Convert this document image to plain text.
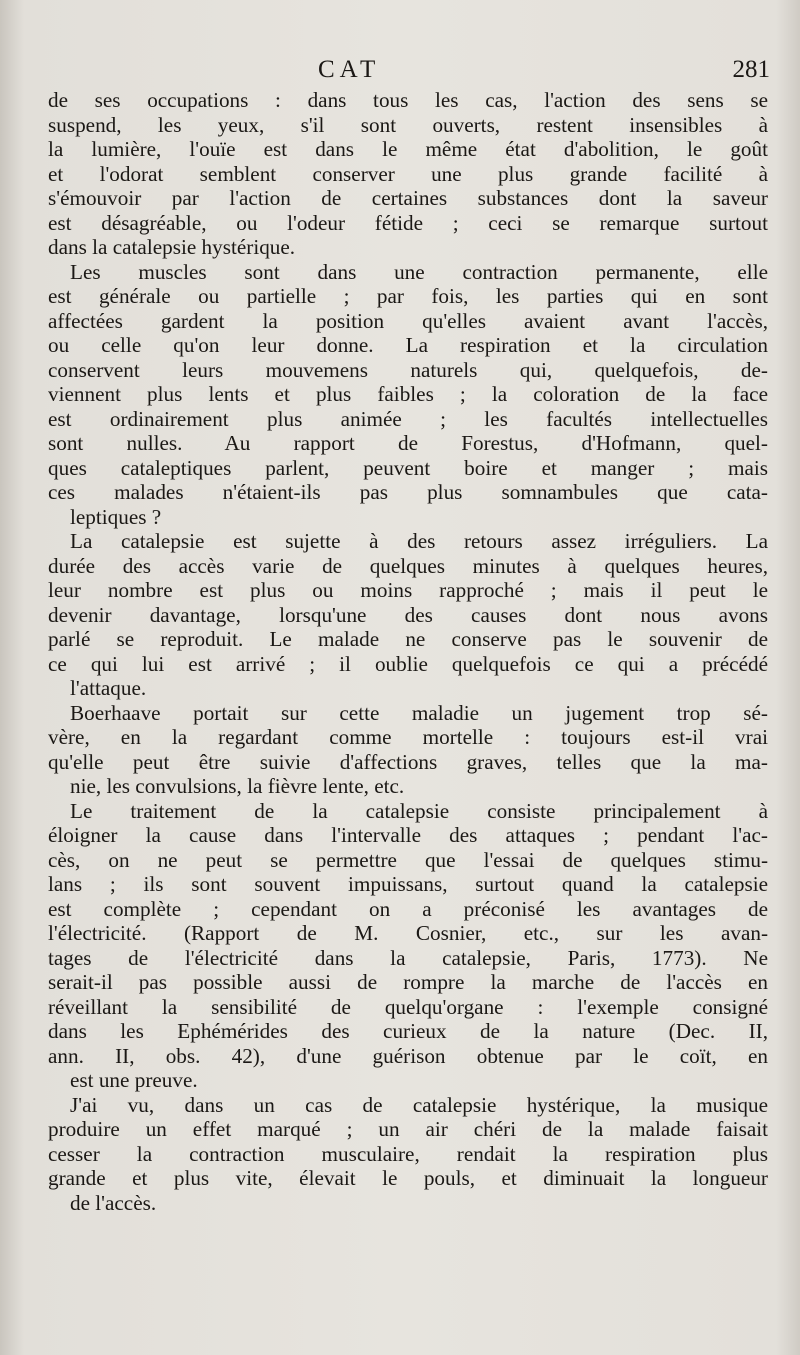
CAT	281

de ses occupations : dans tous les cas, l'action des sens se
suspend, les yeux, s'il sont ouverts, restent insensibles à
la lumière, l'ouïe est dans le même état d'abolition, le goût
et l'odorat semblent conserver une plus grande facilité à
s'émouvoir par l'action de certaines substances dont la saveur
est désagréable, ou l'odeur fétide ; ceci se remarque surtout
dans la catalepsie hystérique.

Les muscles sont dans une contraction permanente, elle
est générale ou partielle ; par fois, les parties qui en sont
affectées gardent la position qu'elles avaient avant l'accès,
ou celle qu'on leur donne. La respiration et la circulation
conservent leurs mouvemens naturels qui, quelquefois, de-
viennent plus lents et plus faibles ; la coloration de la face
est ordinairement plus animée ; les facultés intellectuelles
sont nulles. Au rapport de Forestus, d'Hofmann, quel-
ques cataleptiques parlent, peuvent boire et manger ; mais
ces malades n'étaient-ils pas plus somnambules que cata-
leptiques ?

La catalepsie est sujette à des retours assez irréguliers. La
durée des accès varie de quelques minutes à quelques heures,
leur nombre est plus ou moins rapproché ; mais il peut le
devenir davantage, lorsqu'une des causes dont nous avons
parlé se reproduit. Le malade ne conserve pas le souvenir de
ce qui lui est arrivé ; il oublie quelquefois ce qui a précédé
l'attaque.

Boerhaave portait sur cette maladie un jugement trop sé-
vère, en la regardant comme mortelle : toujours est-il vrai
qu'elle peut être suivie d'affections graves, telles que la ma-
nie, les convulsions, la fièvre lente, etc.

Le traitement de la catalepsie consiste principalement à
éloigner la cause dans l'intervalle des attaques ; pendant l'ac-
cès, on ne peut se permettre que l'essai de quelques stimu-
lans ; ils sont souvent impuissans, surtout quand la catalepsie
est complète ; cependant on a préconisé les avantages de
l'électricité. (Rapport de M. Cosnier, etc., sur les avan-
tages de l'électricité dans la catalepsie, Paris, 1773). Ne
serait-il pas possible aussi de rompre la marche de l'accès en
réveillant la sensibilité de quelqu'organe : l'exemple consigné
dans les Ephémérides des curieux de la nature (Dec. II,
ann. II, obs. 42), d'une guérison obtenue par le coït, en
est une preuve.

J'ai vu, dans un cas de catalepsie hystérique, la musique
produire un effet marqué ; un air chéri de la malade faisait
cesser la contraction musculaire, rendait la respiration plus
grande et plus vite, élevait le pouls, et diminuait la longueur
de l'accès.
